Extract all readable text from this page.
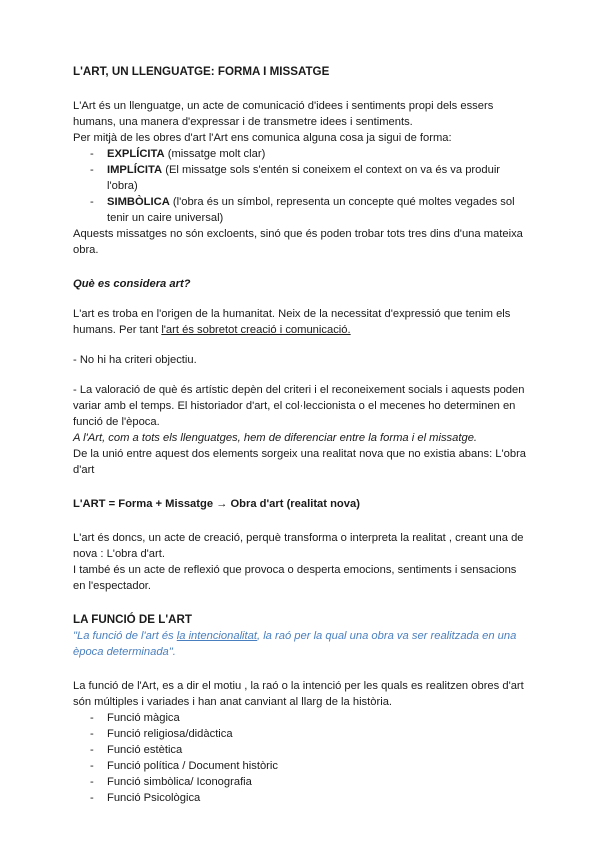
L'ART, UN LLENGUATGE: FORMA I MISSATGE

L'Art és un llenguatge, un acte de comunicació d'idees i sentiments propi dels essers humans, una manera d'expressar i de transmetre idees i sentiments.

Per mitjà de les obres d'art l'Art ens comunica alguna cosa ja sigui de forma:

- EXPLÍCITA (missatge molt clar)
- IMPLÍCITA (El missatge sols s'entén si coneixem el context on va és va produir l'obra)
- SIMBÒLICA (l'obra és un símbol, representa un concepte qué moltes vegades sol tenir un caire universal)

Aquests missatges no són excloents, sinó que és poden trobar tots tres dins d'una mateixa obra.

Què es considera art?

L'art es troba en l'origen de la humanitat. Neix de la necessitat d'expressió que tenim els humans. Per tant l'art és sobretot creació i comunicació.

- No hi ha criteri objectiu.

- La valoració de què és artístic depèn del criteri i el reconeixement socials i aquests poden variar amb el temps. El historiador d'art, el col·leccionista o el mecenes ho determinen en funció de l'època.

A l'Art, com a tots els llenguatges, hem de diferenciar entre la forma i el missatge.

De la unió entre aquest dos elements sorgeix una realitat nova que no existia abans: L'obra d'art

L'ART = Forma + Missatge → Obra d'art (realitat nova)

L'art és doncs, un acte de creació, perquè transforma o interpreta la realitat , creant una de nova : L'obra d'art.

I també és un acte de reflexió que provoca o desperta emocions, sentiments i sensacions en l'espectador.

LA FUNCIÓ DE L'ART

"La funció de l'art és la intencionalitat, la raó per la qual una obra va ser realitzada en una època determinada".

La funció de l'Art, es a dir el motiu , la raó o la intenció per les quals es realitzen obres d'art són múltiples i variades i han anat canviant al llarg de la història.

- Funció màgica
- Funció religiosa/didàctica
- Funció estètica
- Funció política / Document històric
- Funció simbòlica/ Iconografia
- Funció Psicològica
